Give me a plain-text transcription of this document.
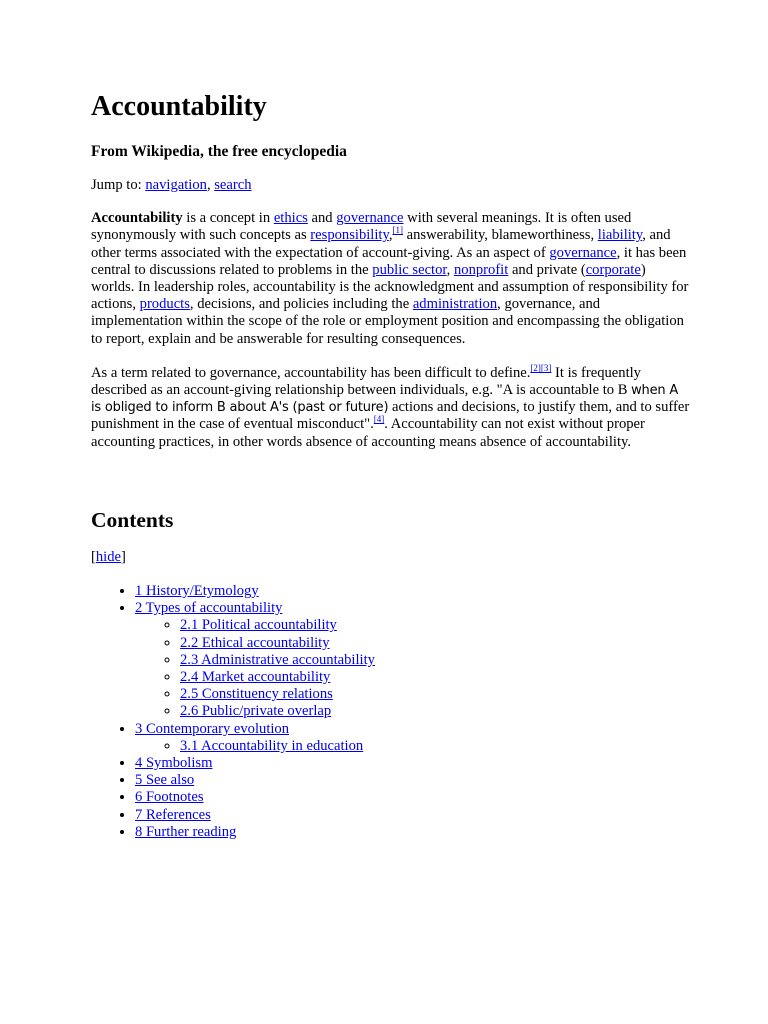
Accountability
From Wikipedia, the free encyclopedia
Jump to: navigation, search

Accountability is a concept in ethics and governance with several meanings. It is often used synonymously with such concepts as responsibility,[1] answerability, blameworthiness, liability, and other terms associated with the expectation of account-giving. As an aspect of governance, it has been central to discussions related to problems in the public sector, nonprofit and private (corporate) worlds. In leadership roles, accountability is the acknowledgment and assumption of responsibility for actions, products, decisions, and policies including the administration, governance, and implementation within the scope of the role or employment position and encompassing the obligation to report, explain and be answerable for resulting consequences.

As a term related to governance, accountability has been difficult to define.[2][3] It is frequently described as an account-giving relationship between individuals, e.g. "A is accountable to B when A is obliged to inform B about A's (past or future) actions and decisions, to justify them, and to suffer punishment in the case of eventual misconduct".[4]. Accountability can not exist without proper accounting practices, in other words absence of accounting means absence of accountability.

Contents
[hide]
• 1 History/Etymology
• 2 Types of accountability
◦ 2.1 Political accountability
◦ 2.2 Ethical accountability
◦ 2.3 Administrative accountability
◦ 2.4 Market accountability
◦ 2.5 Constituency relations
◦ 2.6 Public/private overlap
• 3 Contemporary evolution
◦ 3.1 Accountability in education
• 4 Symbolism
• 5 See also
• 6 Footnotes
• 7 References
• 8 Further reading
